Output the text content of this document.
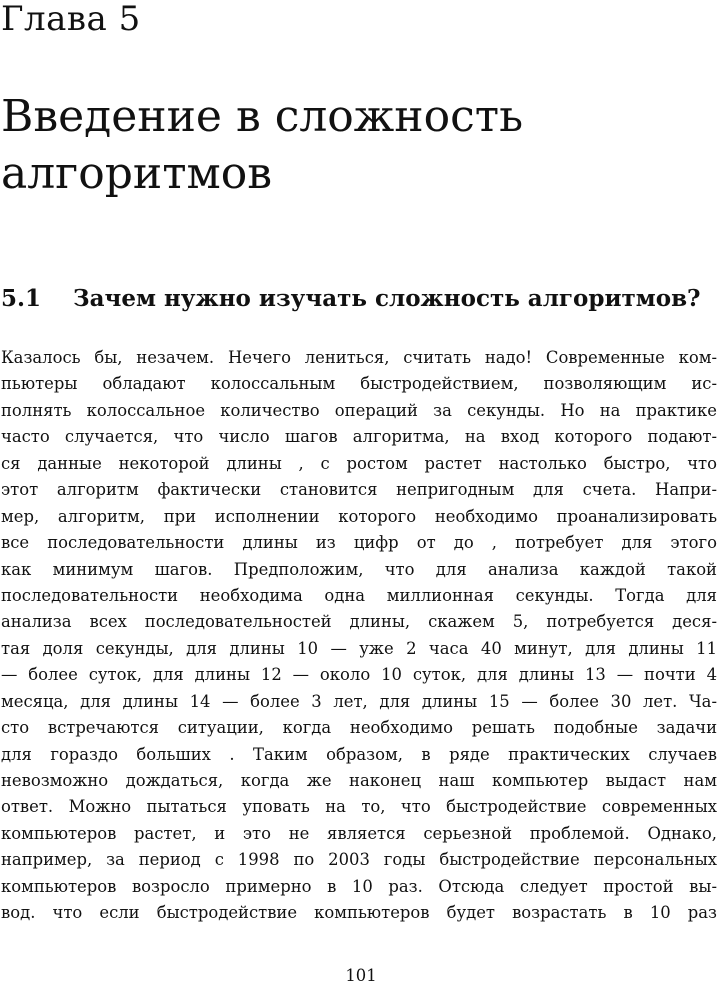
Глава 5
Введение в сложность
алгоритмов
5.1 Зачем нужно изучать сложность алгоритмов?
Казалось бы, незачем. Нечего лениться, считать надо! Современные ком-
пьютеры обладают колоссальным быстродействием, позволяющим ис-
полнять колоссальное количество операций за секунды. Но на практике
часто случается, что число шагов алгоритма, на вход которого подают-
ся данные некоторой длины , с ростом растет настолько быстро, что
этот алгоритм фактически становится непригодным для счета. Напри-
мер, алгоритм, при исполнении которого необходимо проанализировать
все последовательности длины из цифр от до , потребует для этого
как минимум шагов. Предположим, что для анализа каждой такой
последовательности необходима одна миллионная секунды. Тогда для
анализа всех последовательностей длины, скажем 5, потребуется деся-
тая доля секунды, для длины 10 — уже 2 часа 40 минут, для длины 11
— более суток, для длины 12 — около 10 суток, для длины 13 — почти 4
месяца, для длины 14 — более 3 лет, для длины 15 — более 30 лет. Ча-
сто встречаются ситуации, когда необходимо решать подобные задачи
для гораздо больших . Таким образом, в ряде практических случаев
невозможно дождаться, когда же наконец наш компьютер выдаст нам
ответ. Можно пытаться уповать на то, что быстродействие современных
компьютеров растет, и это не является серьезной проблемой. Однако,
например, за период с 1998 по 2003 годы быстродействие персональных
компьютеров возросло примерно в 10 раз. Отсюда следует простой вы-
вод. что если быстродействие компьютеров будет возрастать в 10 раз
101
